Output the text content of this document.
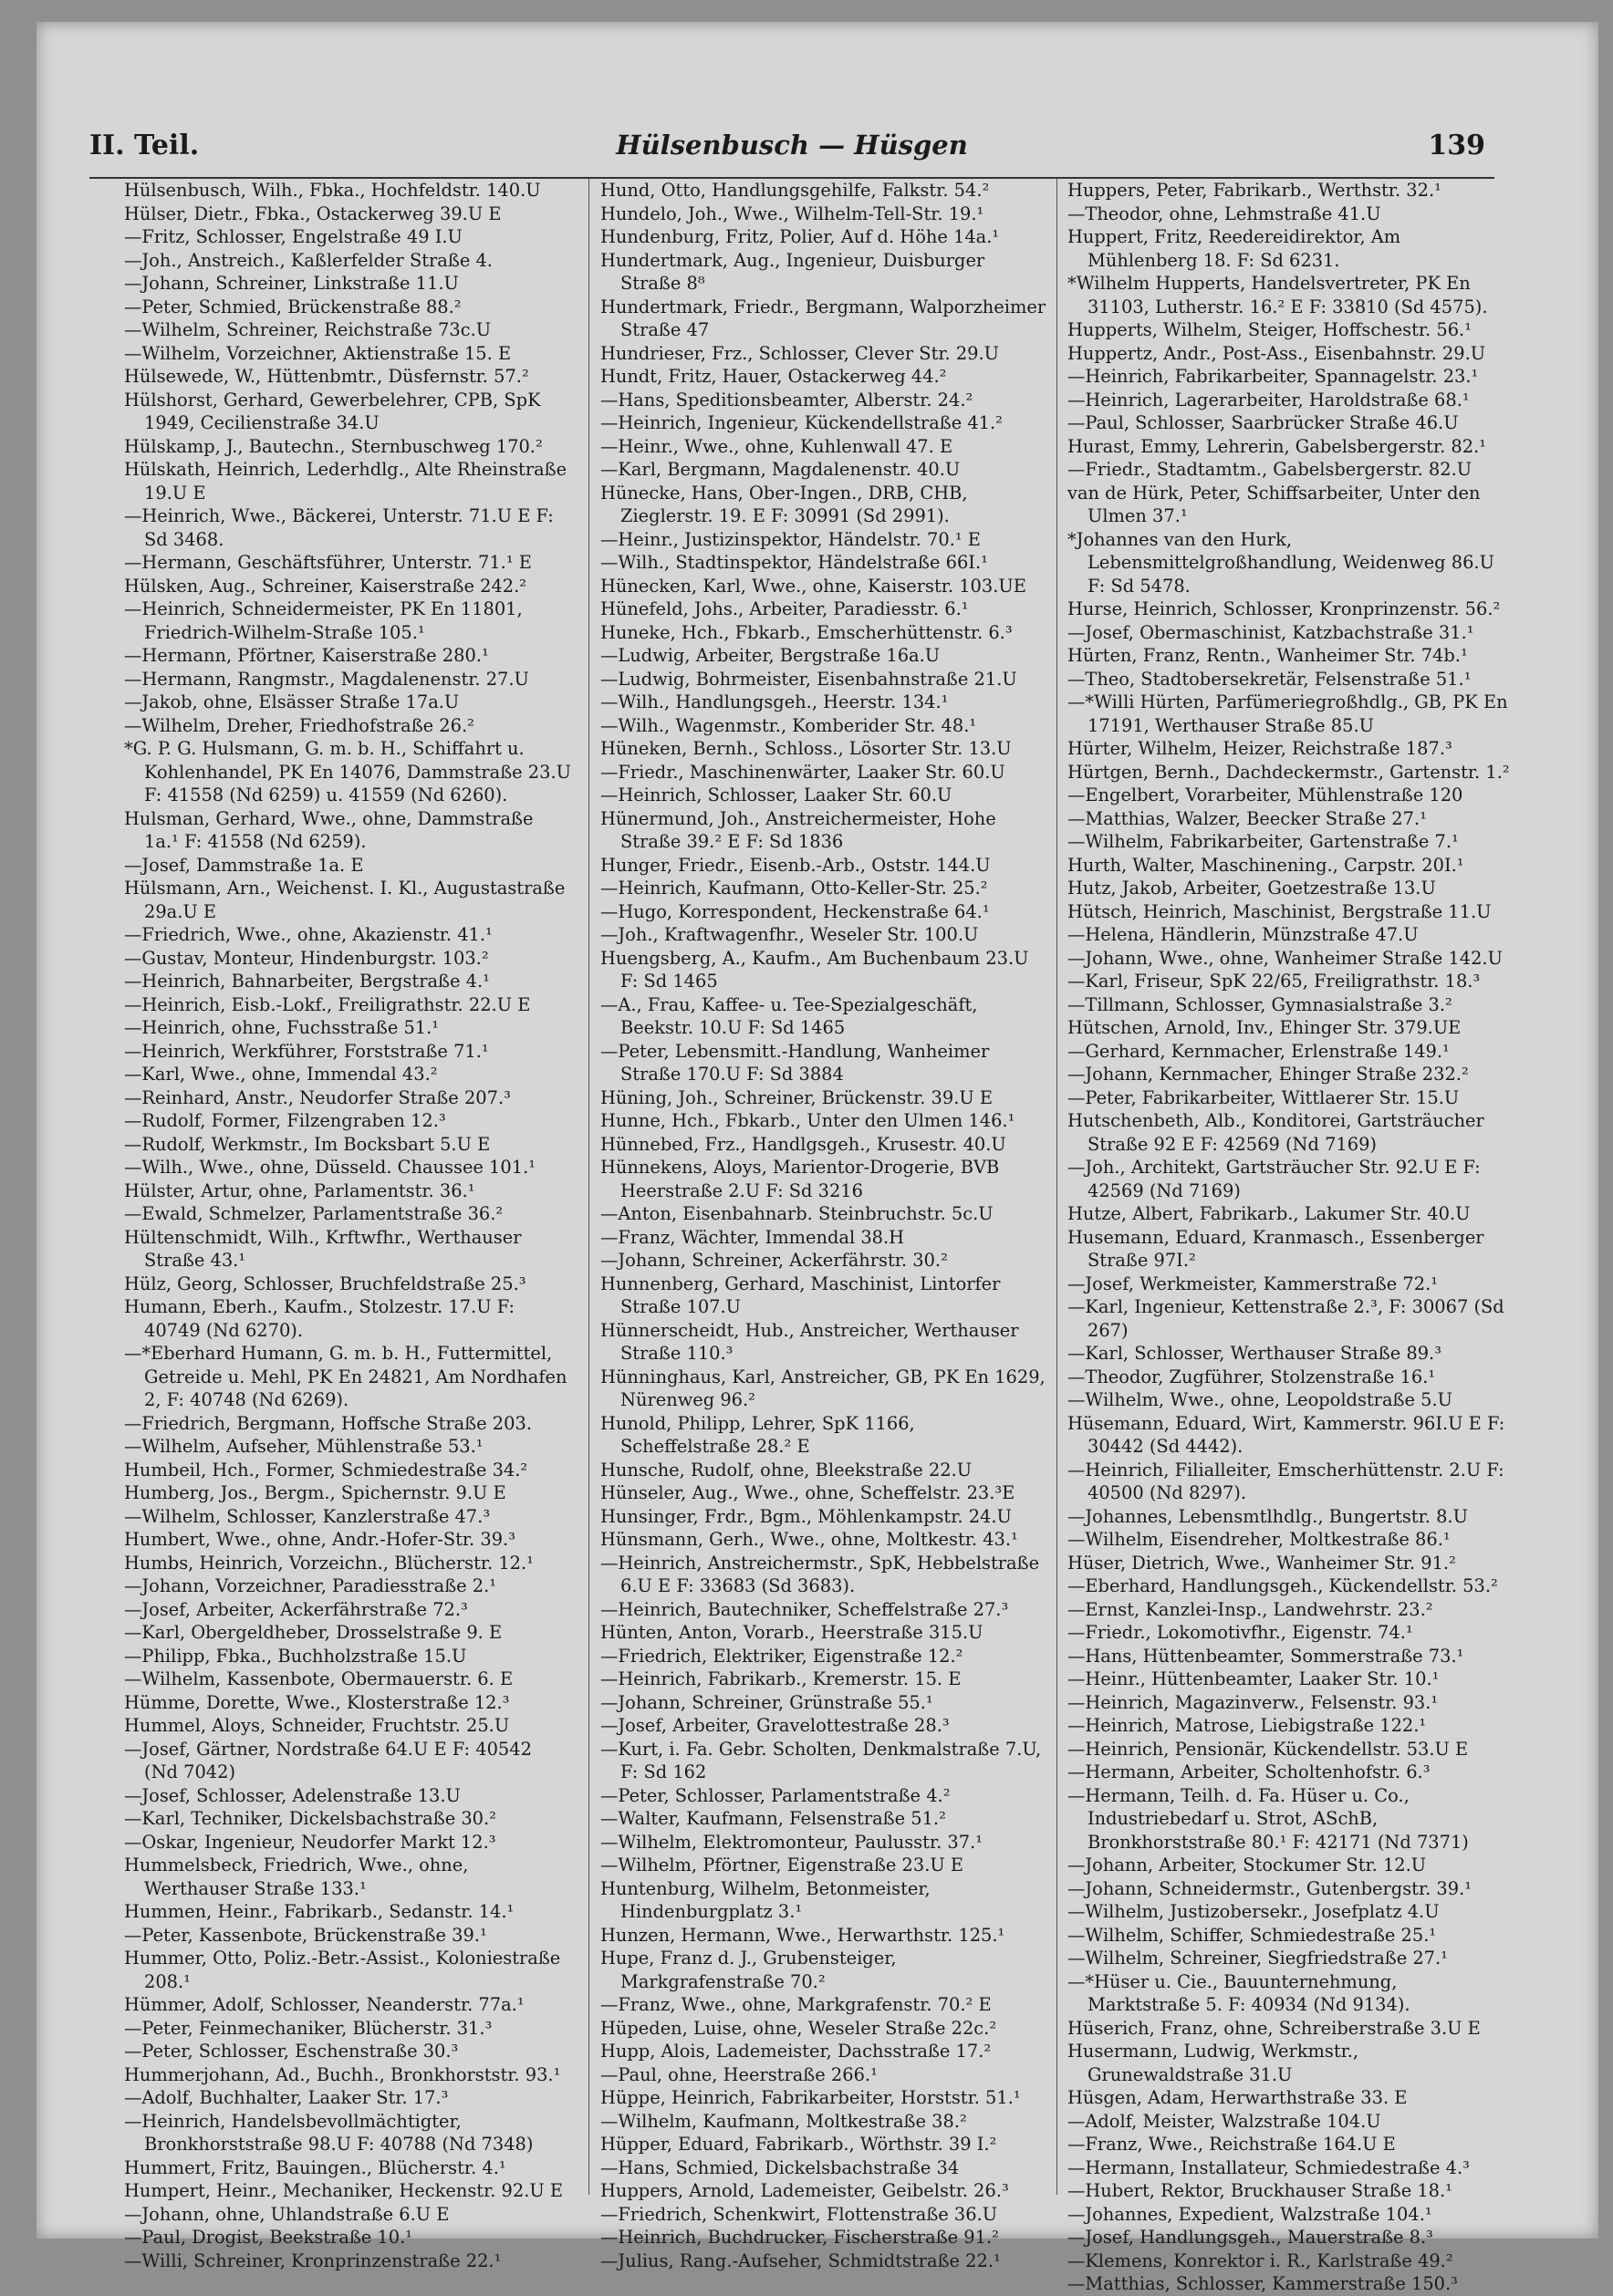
II. Teil.	Hülsenbusch — Hüsgen	139

Hülsenbusch, Wilh., Fbka., Hochfeldstr. 140.U

Hülser, Dietr., Fbka., Ostackerweg 39.U E

—Fritz, Schlosser, Engelstraße 49 I.U

—Joh., Anstreich., Kaßlerfelder Straße 4.

—Johann, Schreiner, Linkstraße 11.U

—Peter, Schmied, Brückenstraße 88.²

—Wilhelm, Schreiner, Reichstraße 73c.U

—Wilhelm, Vorzeichner, Aktienstraße 15. E

Hülsewede, W., Hüttenbmtr., Düsfernstr. 57.²

Hülshorst, Gerhard, Gewerbelehrer, CPB, SpK 1949, Cecilienstraße 34.U

Hülskamp, J., Bautechn., Sternbuschweg 170.²

Hülskath, Heinrich, Lederhdlg., Alte Rheinstraße 19.U E

—Heinrich, Wwe., Bäckerei, Unterstr. 71.U E F: Sd 3468.

—Hermann, Geschäftsführer, Unterstr. 71.¹ E

Hülsken, Aug., Schreiner, Kaiserstraße 242.²

—Heinrich, Schneidermeister, PK En 11801, Friedrich-Wilhelm-Straße 105.¹

—Hermann, Pförtner, Kaiserstraße 280.¹

—Hermann, Rangmstr., Magdalenenstr. 27.U

—Jakob, ohne, Elsässer Straße 17a.U

—Wilhelm, Dreher, Friedhofstraße 26.²

*G. P. G. Hulsmann, G. m. b. H., Schiffahrt u. Kohlenhandel, PK En 14076, Dammstraße 23.U F: 41558 (Nd 6259) u. 41559 (Nd 6260).

Hulsman, Gerhard, Wwe., ohne, Dammstraße 1a.¹ F: 41558 (Nd 6259).

—Josef, Dammstraße 1a. E

Hülsmann, Arn., Weichenst. I. Kl., Augustastraße 29a.U E

—Friedrich, Wwe., ohne, Akazienstr. 41.¹

—Gustav, Monteur, Hindenburgstr. 103.²

—Heinrich, Bahnarbeiter, Bergstraße 4.¹

—Heinrich, Eisb.-Lokf., Freiligrathstr. 22.U E

—Heinrich, ohne, Fuchsstraße 51.¹

—Heinrich, Werkführer, Forststraße 71.¹

—Karl, Wwe., ohne, Immendal 43.²

—Reinhard, Anstr., Neudorfer Straße 207.³

—Rudolf, Former, Filzengraben 12.³

—Rudolf, Werkmstr., Im Bocksbart 5.U E

—Wilh., Wwe., ohne, Düsseld. Chaussee 101.¹

Hülster, Artur, ohne, Parlamentstr. 36.¹

—Ewald, Schmelzer, Parlamentstraße 36.²

Hültenschmidt, Wilh., Krftwfhr., Werthauser Straße 43.¹

Hülz, Georg, Schlosser, Bruchfeldstraße 25.³

Humann, Eberh., Kaufm., Stolzestr. 17.U F: 40749 (Nd 6270).

—*Eberhard Humann, G. m. b. H., Futtermittel, Getreide u. Mehl, PK En 24821, Am Nordhafen 2, F: 40748 (Nd 6269).

—Friedrich, Bergmann, Hoffsche Straße 203.

—Wilhelm, Aufseher, Mühlenstraße 53.¹

Humbeil, Hch., Former, Schmiedestraße 34.²

Humberg, Jos., Bergm., Spichernstr. 9.U E

—Wilhelm, Schlosser, Kanzlerstraße 47.³

Humbert, Wwe., ohne, Andr.-Hofer-Str. 39.³

Humbs, Heinrich, Vorzeichn., Blücherstr. 12.¹

—Johann, Vorzeichner, Paradiesstraße 2.¹

—Josef, Arbeiter, Ackerfährstraße 72.³

—Karl, Obergeldheber, Drosselstraße 9. E

—Philipp, Fbka., Buchholzstraße 15.U

—Wilhelm, Kassenbote, Obermauerstr. 6. E

Hümme, Dorette, Wwe., Klosterstraße 12.³

Hummel, Aloys, Schneider, Fruchtstr. 25.U

—Josef, Gärtner, Nordstraße 64.U E F: 40542 (Nd 7042)

—Josef, Schlosser, Adelenstraße 13.U

—Karl, Techniker, Dickelsbachstraße 30.²

—Oskar, Ingenieur, Neudorfer Markt 12.³

Hummelsbeck, Friedrich, Wwe., ohne, Werthauser Straße 133.¹

Hummen, Heinr., Fabrikarb., Sedanstr. 14.¹

—Peter, Kassenbote, Brückenstraße 39.¹

Hummer, Otto, Poliz.-Betr.-Assist., Koloniestraße 208.¹

Hümmer, Adolf, Schlosser, Neanderstr. 77a.¹

—Peter, Feinmechaniker, Blücherstr. 31.³

—Peter, Schlosser, Eschenstraße 30.³

Hummerjohann, Ad., Buchh., Bronkhorststr. 93.¹

—Adolf, Buchhalter, Laaker Str. 17.³

—Heinrich, Handelsbevollmächtigter, Bronkhorststraße 98.U F: 40788 (Nd 7348)

Hummert, Fritz, Bauingen., Blücherstr. 4.¹

Humpert, Heinr., Mechaniker, Heckenstr. 92.U E

—Johann, ohne, Uhlandstraße 6.U E

—Paul, Drogist, Beekstraße 10.¹

—Willi, Schreiner, Kronprinzenstraße 22.¹

Hund, Otto, Handlungsgehilfe, Falkstr. 54.²

Hundelo, Joh., Wwe., Wilhelm-Tell-Str. 19.¹

Hundenburg, Fritz, Polier, Auf d. Höhe 14a.¹

Hundertmark, Aug., Ingenieur, Duisburger Straße 8⁸

Hundertmark, Friedr., Bergmann, Walporzheimer Straße 47

Hundrieser, Frz., Schlosser, Clever Str. 29.U

Hundt, Fritz, Hauer, Ostackerweg 44.²

—Hans, Speditionsbeamter, Alberstr. 24.²

—Heinrich, Ingenieur, Kückendellstraße 41.²

—Heinr., Wwe., ohne, Kuhlenwall 47. E

—Karl, Bergmann, Magdalenenstr. 40.U

Hünecke, Hans, Ober-Ingen., DRB, CHB, Zieglerstr. 19. E F: 30991 (Sd 2991).

—Heinr., Justizinspektor, Händelstr. 70.¹ E

—Wilh., Stadtinspektor, Händelstraße 66I.¹

Hünecken, Karl, Wwe., ohne, Kaiserstr. 103.UE

Hünefeld, Johs., Arbeiter, Paradiesstr. 6.¹

Huneke, Hch., Fbkarb., Emscherhüttenstr. 6.³

—Ludwig, Arbeiter, Bergstraße 16a.U

—Ludwig, Bohrmeister, Eisenbahnstraße 21.U

—Wilh., Handlungsgeh., Heerstr. 134.¹

—Wilh., Wagenmstr., Komberider Str. 48.¹

Hüneken, Bernh., Schloss., Lösorter Str. 13.U

—Friedr., Maschinenwärter, Laaker Str. 60.U

—Heinrich, Schlosser, Laaker Str. 60.U

Hünermund, Joh., Anstreichermeister, Hohe Straße 39.² E F: Sd 1836

Hunger, Friedr., Eisenb.-Arb., Oststr. 144.U

—Heinrich, Kaufmann, Otto-Keller-Str. 25.²

—Hugo, Korrespondent, Heckenstraße 64.¹

—Joh., Kraftwagenfhr., Weseler Str. 100.U

Huengsberg, A., Kaufm., Am Buchenbaum 23.U F: Sd 1465

—A., Frau, Kaffee- u. Tee-Spezialgeschäft, Beekstr. 10.U F: Sd 1465

—Peter, Lebensmitt.-Handlung, Wanheimer Straße 170.U F: Sd 3884

Hüning, Joh., Schreiner, Brückenstr. 39.U E

Hunne, Hch., Fbkarb., Unter den Ulmen 146.¹

Hünnebed, Frz., Handlgsgeh., Krusestr. 40.U

Hünnekens, Aloys, Marientor-Drogerie, BVB Heerstraße 2.U F: Sd 3216

—Anton, Eisenbahnarb. Steinbruchstr. 5c.U

—Franz, Wächter, Immendal 38.H

—Johann, Schreiner, Ackerfährstr. 30.²

Hunnenberg, Gerhard, Maschinist, Lintorfer Straße 107.U

Hünnerscheidt, Hub., Anstreicher, Werthauser Straße 110.³

Hünninghaus, Karl, Anstreicher, GB, PK En 1629, Nürenweg 96.²

Hunold, Philipp, Lehrer, SpK 1166, Scheffelstraße 28.² E

Hunsche, Rudolf, ohne, Bleekstraße 22.U

Hünseler, Aug., Wwe., ohne, Scheffelstr. 23.³E

Hunsinger, Frdr., Bgm., Möhlenkampstr. 24.U

Hünsmann, Gerh., Wwe., ohne, Moltkestr. 43.¹

—Heinrich, Anstreichermstr., SpK, Hebbelstraße 6.U E F: 33683 (Sd 3683).

—Heinrich, Bautechniker, Scheffelstraße 27.³

Hünten, Anton, Vorarb., Heerstraße 315.U

—Friedrich, Elektriker, Eigenstraße 12.²

—Heinrich, Fabrikarb., Kremerstr. 15. E

—Johann, Schreiner, Grünstraße 55.¹

—Josef, Arbeiter, Gravelottestraße 28.³

—Kurt, i. Fa. Gebr. Scholten, Denkmalstraße 7.U, F: Sd 162

—Peter, Schlosser, Parlamentstraße 4.²

—Walter, Kaufmann, Felsenstraße 51.²

—Wilhelm, Elektromonteur, Paulusstr. 37.¹

—Wilhelm, Pförtner, Eigenstraße 23.U E

Huntenburg, Wilhelm, Betonmeister, Hindenburgplatz 3.¹

Hunzen, Hermann, Wwe., Herwarthstr. 125.¹

Hupe, Franz d. J., Grubensteiger, Markgrafenstraße 70.²

—Franz, Wwe., ohne, Markgrafenstr. 70.² E

Hüpeden, Luise, ohne, Weseler Straße 22c.²

Hupp, Alois, Lademeister, Dachsstraße 17.²

—Paul, ohne, Heerstraße 266.¹

Hüppe, Heinrich, Fabrikarbeiter, Horststr. 51.¹

—Wilhelm, Kaufmann, Moltkestraße 38.²

Hüpper, Eduard, Fabrikarb., Wörthstr. 39 I.²

—Hans, Schmied, Dickelsbachstraße 34

Huppers, Arnold, Lademeister, Geibelstr. 26.³

—Friedrich, Schenkwirt, Flottenstraße 36.U

—Heinrich, Buchdrucker, Fischerstraße 91.²

—Julius, Rang.-Aufseher, Schmidtstraße 22.¹

Huppers, Peter, Fabrikarb., Werthstr. 32.¹

—Theodor, ohne, Lehmstraße 41.U

Huppert, Fritz, Reedereidirektor, Am Mühlenberg 18. F: Sd 6231.

*Wilhelm Hupperts, Handelsvertreter, PK En 31103, Lutherstr. 16.² E F: 33810 (Sd 4575).

Hupperts, Wilhelm, Steiger, Hoffschestr. 56.¹

Huppertz, Andr., Post-Ass., Eisenbahnstr. 29.U

—Heinrich, Fabrikarbeiter, Spannagelstr. 23.¹

—Heinrich, Lagerarbeiter, Haroldstraße 68.¹

—Paul, Schlosser, Saarbrücker Straße 46.U

Hurast, Emmy, Lehrerin, Gabelsbergerstr. 82.¹

—Friedr., Stadtamtm., Gabelsbergerstr. 82.U

van de Hürk, Peter, Schiffsarbeiter, Unter den Ulmen 37.¹

*Johannes van den Hurk, Lebensmittelgroßhandlung, Weidenweg 86.U F: Sd 5478.

Hurse, Heinrich, Schlosser, Kronprinzenstr. 56.²

—Josef, Obermaschinist, Katzbachstraße 31.¹

Hürten, Franz, Rentn., Wanheimer Str. 74b.¹

—Theo, Stadtobersekretär, Felsenstraße 51.¹

—*Willi Hürten, Parfümeriegroßhdlg., GB, PK En 17191, Werthauser Straße 85.U

Hürter, Wilhelm, Heizer, Reichstraße 187.³

Hürtgen, Bernh., Dachdeckermstr., Gartenstr. 1.²

—Engelbert, Vorarbeiter, Mühlenstraße 120

—Matthias, Walzer, Beecker Straße 27.¹

—Wilhelm, Fabrikarbeiter, Gartenstraße 7.¹

Hurth, Walter, Maschinening., Carpstr. 20I.¹

Hutz, Jakob, Arbeiter, Goetzestraße 13.U

Hütsch, Heinrich, Maschinist, Bergstraße 11.U

—Helena, Händlerin, Münzstraße 47.U

—Johann, Wwe., ohne, Wanheimer Straße 142.U

—Karl, Friseur, SpK 22/65, Freiligrathstr. 18.³

—Tillmann, Schlosser, Gymnasialstraße 3.²

Hütschen, Arnold, Inv., Ehinger Str. 379.UE

—Gerhard, Kernmacher, Erlenstraße 149.¹

—Johann, Kernmacher, Ehinger Straße 232.²

—Peter, Fabrikarbeiter, Wittlaerer Str. 15.U

Hutschenbeth, Alb., Konditorei, Gartsträucher Straße 92 E F: 42569 (Nd 7169)

—Joh., Architekt, Gartsträucher Str. 92.U E F: 42569 (Nd 7169)

Hutze, Albert, Fabrikarb., Lakumer Str. 40.U

Husemann, Eduard, Kranmasch., Essenberger Straße 97I.²

—Josef, Werkmeister, Kammerstraße 72.¹

—Karl, Ingenieur, Kettenstraße 2.³, F: 30067 (Sd 267)

—Karl, Schlosser, Werthauser Straße 89.³

—Theodor, Zugführer, Stolzenstraße 16.¹

—Wilhelm, Wwe., ohne, Leopoldstraße 5.U

Hüsemann, Eduard, Wirt, Kammerstr. 96I.U E F: 30442 (Sd 4442).

—Heinrich, Filialleiter, Emscherhüttenstr. 2.U F: 40500 (Nd 8297).

—Johannes, Lebensmtlhdlg., Bungertstr. 8.U

—Wilhelm, Eisendreher, Moltkestraße 86.¹

Hüser, Dietrich, Wwe., Wanheimer Str. 91.²

—Eberhard, Handlungsgeh., Kückendellstr. 53.²

—Ernst, Kanzlei-Insp., Landwehrstr. 23.²

—Friedr., Lokomotivfhr., Eigenstr. 74.¹

—Hans, Hüttenbeamter, Sommerstraße 73.¹

—Heinr., Hüttenbeamter, Laaker Str. 10.¹

—Heinrich, Magazinverw., Felsenstr. 93.¹

—Heinrich, Matrose, Liebigstraße 122.¹

—Heinrich, Pensionär, Kückendellstr. 53.U E

—Hermann, Arbeiter, Scholtenhofstr. 6.³

—Hermann, Teilh. d. Fa. Hüser u. Co., Industriebedarf u. Strot, ASchB, Bronkhorststraße 80.¹ F: 42171 (Nd 7371)

—Johann, Arbeiter, Stockumer Str. 12.U

—Johann, Schneidermstr., Gutenbergstr. 39.¹

—Wilhelm, Justizobersekr., Josefplatz 4.U

—Wilhelm, Schiffer, Schmiedestraße 25.¹

—Wilhelm, Schreiner, Siegfriedstraße 27.¹

—*Hüser u. Cie., Bauunternehmung, Marktstraße 5. F: 40934 (Nd 9134).

Hüserich, Franz, ohne, Schreiberstraße 3.U E

Husermann, Ludwig, Werkmstr., Grunewaldstraße 31.U

Hüsgen, Adam, Herwarthstraße 33. E

—Adolf, Meister, Walzstraße 104.U

—Franz, Wwe., Reichstraße 164.U E

—Hermann, Installateur, Schmiedestraße 4.³

—Hubert, Rektor, Bruckhauser Straße 18.¹

—Johannes, Expedient, Walzstraße 104.¹

—Josef, Handlungsgeh., Mauerstraße 8.³

—Klemens, Konrektor i. R., Karlstraße 49.²

—Matthias, Schlosser, Kammerstraße 150.³
